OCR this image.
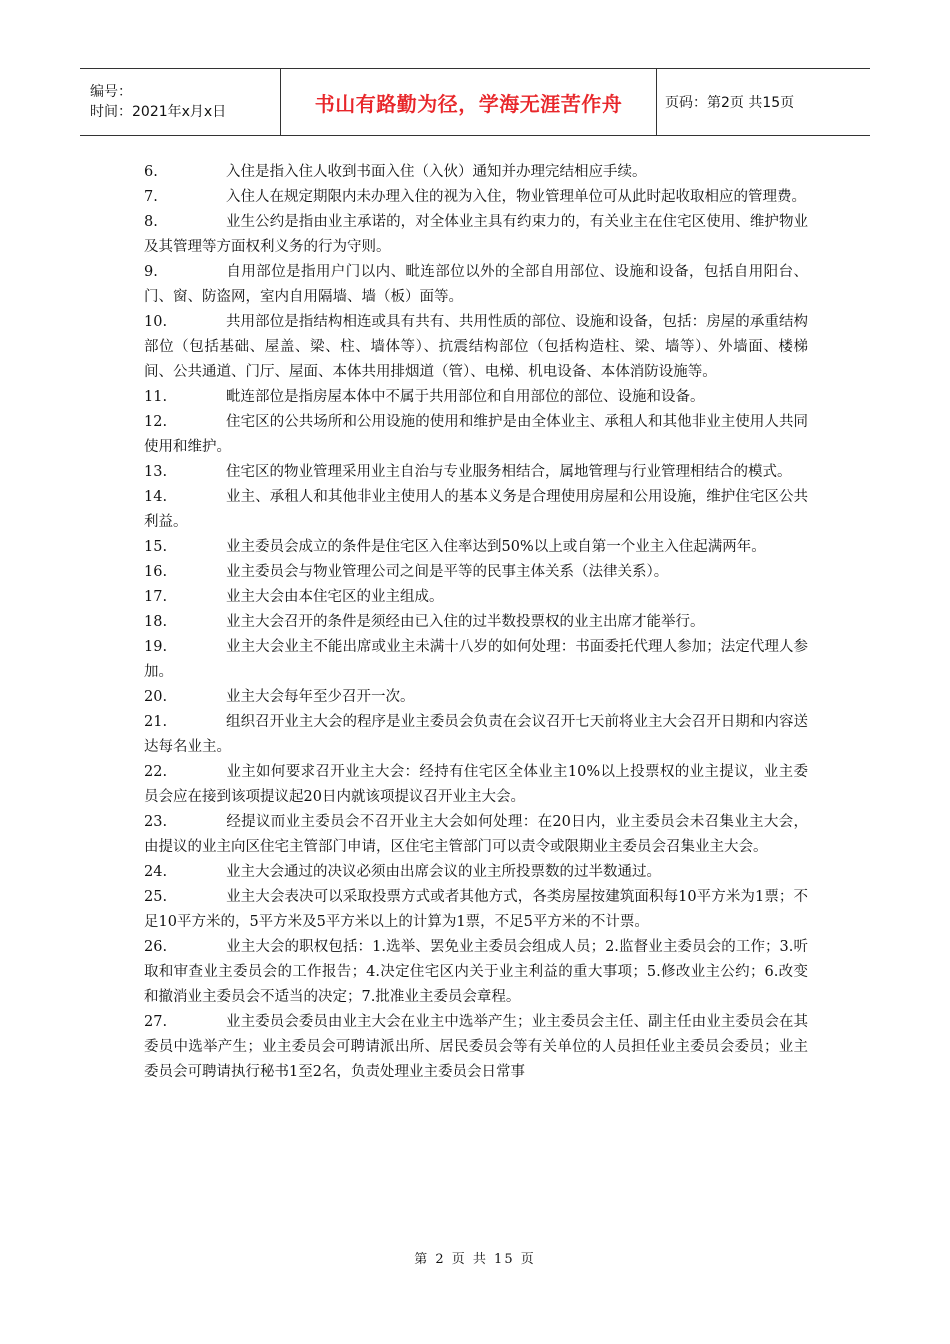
编号：
时间：2021年x月x日	书山有路勤为径，学海无涯苦作舟	页码：第2页 共15页
6.	入住是指入住人收到书面入住（入伙）通知并办理完结相应手续。
7.	入住人在规定期限内未办理入住的视为入住，物业管理单位可从此时起收取相应的管理费。
8.	业生公约是指由业主承诺的，对全体业主具有约束力的，有关业主在住宅区使用、维护物业及其管理等方面权利义务的行为守则。
9.	自用部位是指用户门以内、毗连部位以外的全部自用部位、设施和设备，包括自用阳台、门、窗、防盗网，室内自用隔墙、墙（板）面等。
10.	共用部位是指结构相连或具有共有、共用性质的部位、设施和设备，包括：房屋的承重结构部位（包括基础、屋盖、梁、柱、墙体等）、抗震结构部位（包括构造柱、梁、墙等）、外墙面、楼梯间、公共通道、门厅、屋面、本体共用排烟道（管）、电梯、机电设备、本体消防设施等。
11.	毗连部位是指房屋本体中不属于共用部位和自用部位的部位、设施和设备。
12.	住宅区的公共场所和公用设施的使用和维护是由全体业主、承租人和其他非业主使用人共同使用和维护。
13.	住宅区的物业管理采用业主自治与专业服务相结合，属地管理与行业管理相结合的模式。
14.	业主、承租人和其他非业主使用人的基本义务是合理使用房屋和公用设施，维护住宅区公共利益。
15.	业主委员会成立的条件是住宅区入住率达到50%以上或自第一个业主入住起满两年。
16.	业主委员会与物业管理公司之间是平等的民事主体关系（法律关系）。
17.	业主大会由本住宅区的业主组成。
18.	业主大会召开的条件是须经由已入住的过半数投票权的业主出席才能举行。
19.	业主大会业主不能出席或业主未满十八岁的如何处理：书面委托代理人参加；法定代理人参加。
20.	业主大会每年至少召开一次。
21.	组织召开业主大会的程序是业主委员会负责在会议召开七天前将业主大会召开日期和内容送达每名业主。
22.	业主如何要求召开业主大会：经持有住宅区全体业主10%以上投票权的业主提议，业主委员会应在接到该项提议起20日内就该项提议召开业主大会。
23.	经提议而业主委员会不召开业主大会如何处理：在20日内，业主委员会未召集业主大会，由提议的业主向区住宅主管部门申请，区住宅主管部门可以责令或限期业主委员会召集业主大会。
24.	业主大会通过的决议必须由出席会议的业主所投票数的过半数通过。
25.	业主大会表决可以采取投票方式或者其他方式，各类房屋按建筑面积每10平方米为1票；不足10平方米的，5平方米及5平方米以上的计算为1票，不足5平方米的不计票。
26.	业主大会的职权包括：1.选举、罢免业主委员会组成人员；2.监督业主委员会的工作；3.听取和审查业主委员会的工作报告；4.决定住宅区内关于业主利益的重大事项；5.修改业主公约；6.改变和撤消业主委员会不适当的决定；7.批准业主委员会章程。
27.	业主委员会委员由业主大会在业主中选举产生；业主委员会主任、副主任由业主委员会在其委员中选举产生；业主委员会可聘请派出所、居民委员会等有关单位的人员担任业主委员会委员；业主委员会可聘请执行秘书1至2名，负责处理业主委员会日常事
第 2 页 共 15 页
